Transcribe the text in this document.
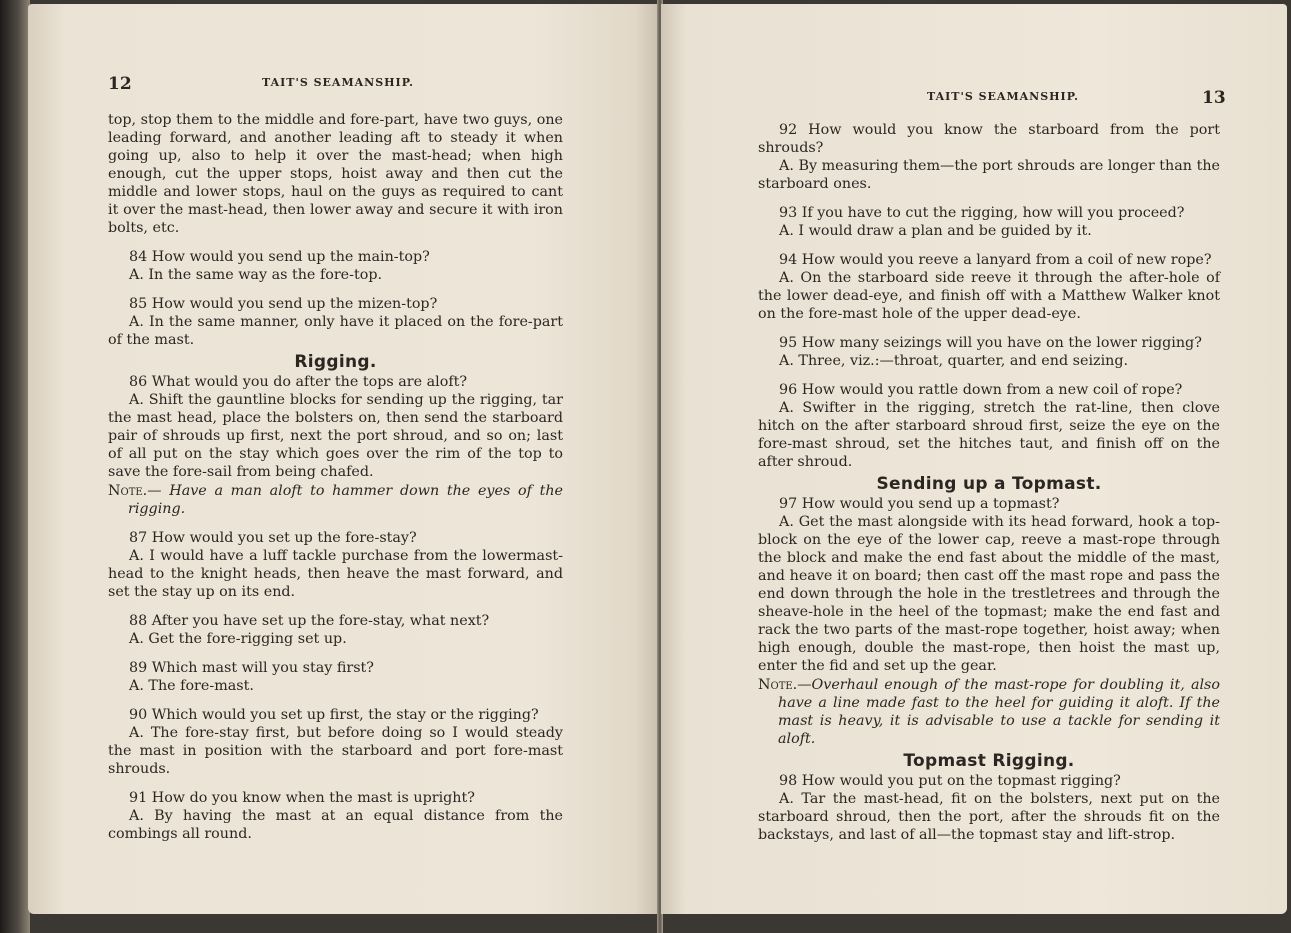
12	TAIT'S SEAMANSHIP.

top, stop them to the middle and fore-part, have two guys, one leading forward, and another leading aft to steady it when going up, also to help it over the mast-head; when high enough, cut the upper stops, hoist away and then cut the middle and lower stops, haul on the guys as required to cant it over the mast-head, then lower away and secure it with iron bolts, etc.

84 How would you send up the main-top?

A. In the same way as the fore-top.

85 How would you send up the mizen-top?

A. In the same manner, only have it placed on the fore-part of the mast.

Rigging.

86 What would you do after the tops are aloft?

A. Shift the gauntline blocks for sending up the rigging, tar the mast head, place the bolsters on, then send the starboard pair of shrouds up first, next the port shroud, and so on; last of all put on the stay which goes over the rim of the top to save the fore-sail from being chafed.

Note.— Have a man aloft to hammer down the eyes of the rigging.

87 How would you set up the fore-stay?

A. I would have a luff tackle purchase from the lowermast-head to the knight heads, then heave the mast forward, and set the stay up on its end.

88 After you have set up the fore-stay, what next?

A. Get the fore-rigging set up.

89 Which mast will you stay first?

A. The fore-mast.

90 Which would you set up first, the stay or the rigging?

A. The fore-stay first, but before doing so I would steady the mast in position with the starboard and port fore-mast shrouds.

91 How do you know when the mast is upright?

A. By having the mast at an equal distance from the combings all round.

TAIT'S SEAMANSHIP.	13

92 How would you know the starboard from the port shrouds?

A. By measuring them—the port shrouds are longer than the starboard ones.

93 If you have to cut the rigging, how will you proceed?

A. I would draw a plan and be guided by it.

94 How would you reeve a lanyard from a coil of new rope?

A. On the starboard side reeve it through the after-hole of the lower dead-eye, and finish off with a Matthew Walker knot on the fore-mast hole of the upper dead-eye.

95 How many seizings will you have on the lower rigging?

A. Three, viz.:—throat, quarter, and end seizing.

96 How would you rattle down from a new coil of rope?

A. Swifter in the rigging, stretch the rat-line, then clove hitch on the after starboard shroud first, seize the eye on the fore-mast shroud, set the hitches taut, and finish off on the after shroud.

Sending up a Topmast.

97 How would you send up a topmast?

A. Get the mast alongside with its head forward, hook a top-block on the eye of the lower cap, reeve a mast-rope through the block and make the end fast about the middle of the mast, and heave it on board; then cast off the mast rope and pass the end down through the hole in the trestletrees and through the sheave-hole in the heel of the topmast; make the end fast and rack the two parts of the mast-rope together, hoist away; when high enough, double the mast-rope, then hoist the mast up, enter the fid and set up the gear.

Note.—Overhaul enough of the mast-rope for doubling it, also have a line made fast to the heel for guiding it aloft. If the mast is heavy, it is advisable to use a tackle for sending it aloft.

Topmast Rigging.

98 How would you put on the topmast rigging?

A. Tar the mast-head, fit on the bolsters, next put on the starboard shroud, then the port, after the shrouds fit on the backstays, and last of all—the topmast stay and lift-strop.
